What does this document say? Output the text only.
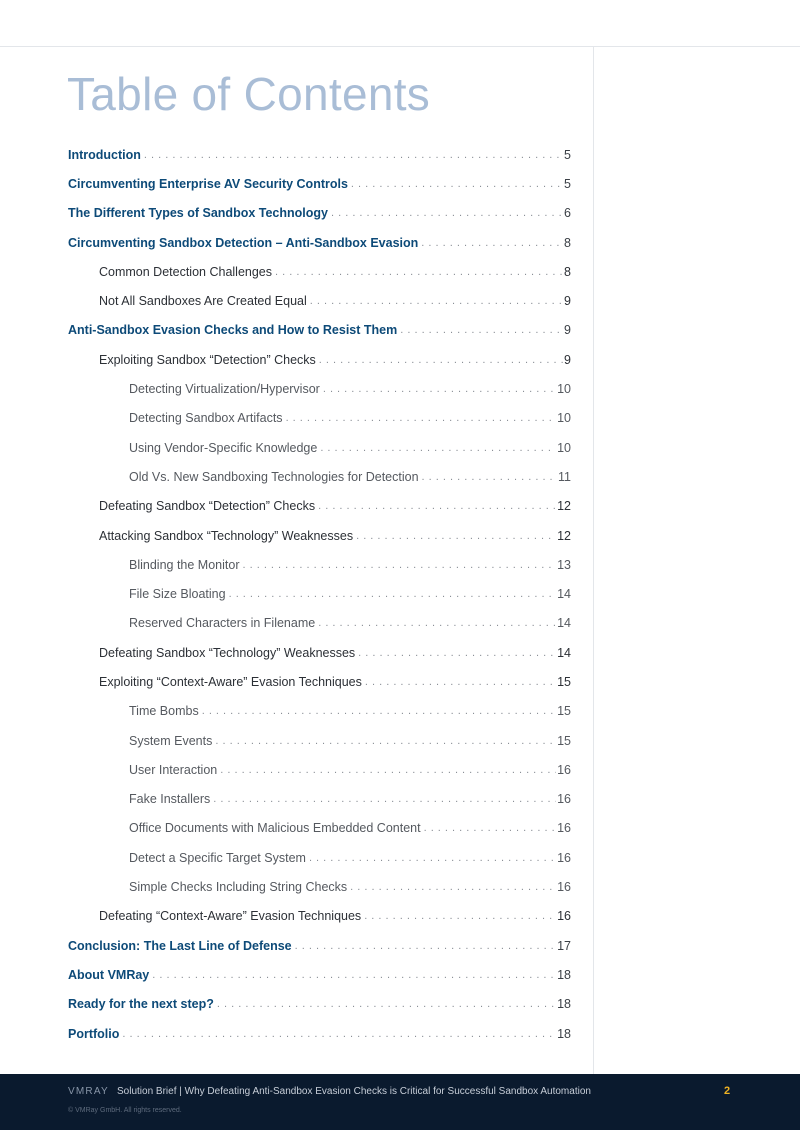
Table of Contents
Introduction . . .	5
Circumventing Enterprise AV Security Controls . . .	5
The Different Types of Sandbox Technology . . .	6
Circumventing Sandbox Detection – Anti-Sandbox Evasion . . .	8
Common Detection Challenges . . .	8
Not All Sandboxes Are Created Equal . . .	9
Anti-Sandbox Evasion Checks and How to Resist Them . . .	9
Exploiting Sandbox “Detection” Checks . . .	9
Detecting Virtualization/Hypervisor . . .	10
Detecting Sandbox Artifacts . . .	10
Using Vendor-Specific Knowledge . . .	10
Old Vs. New Sandboxing Technologies for Detection . . .	11
Defeating Sandbox “Detection” Checks . . .	12
Attacking Sandbox “Technology” Weaknesses . . .	12
Blinding the Monitor . . .	13
File Size Bloating . . .	14
Reserved Characters in Filename . . .	14
Defeating Sandbox “Technology” Weaknesses . . .	14
Exploiting “Context-Aware” Evasion Techniques . . .	15
Time Bombs . . .	15
System Events . . .	15
User Interaction . . .	16
Fake Installers . . .	16
Office Documents with Malicious Embedded Content . . .	16
Detect a Specific Target System . . .	16
Simple Checks Including String Checks . . .	16
Defeating “Context-Aware” Evasion Techniques . . .	16
Conclusion: The Last Line of Defense . . .	17
About VMRay . . .	18
Ready for the next step? . . .	18
Portfolio . . .	18
VMRAY Solution Brief | Why Defeating Anti-Sandbox Evasion Checks is Critical for Successful Sandbox Automation	2
© VMRay GmbH. All rights reserved.
